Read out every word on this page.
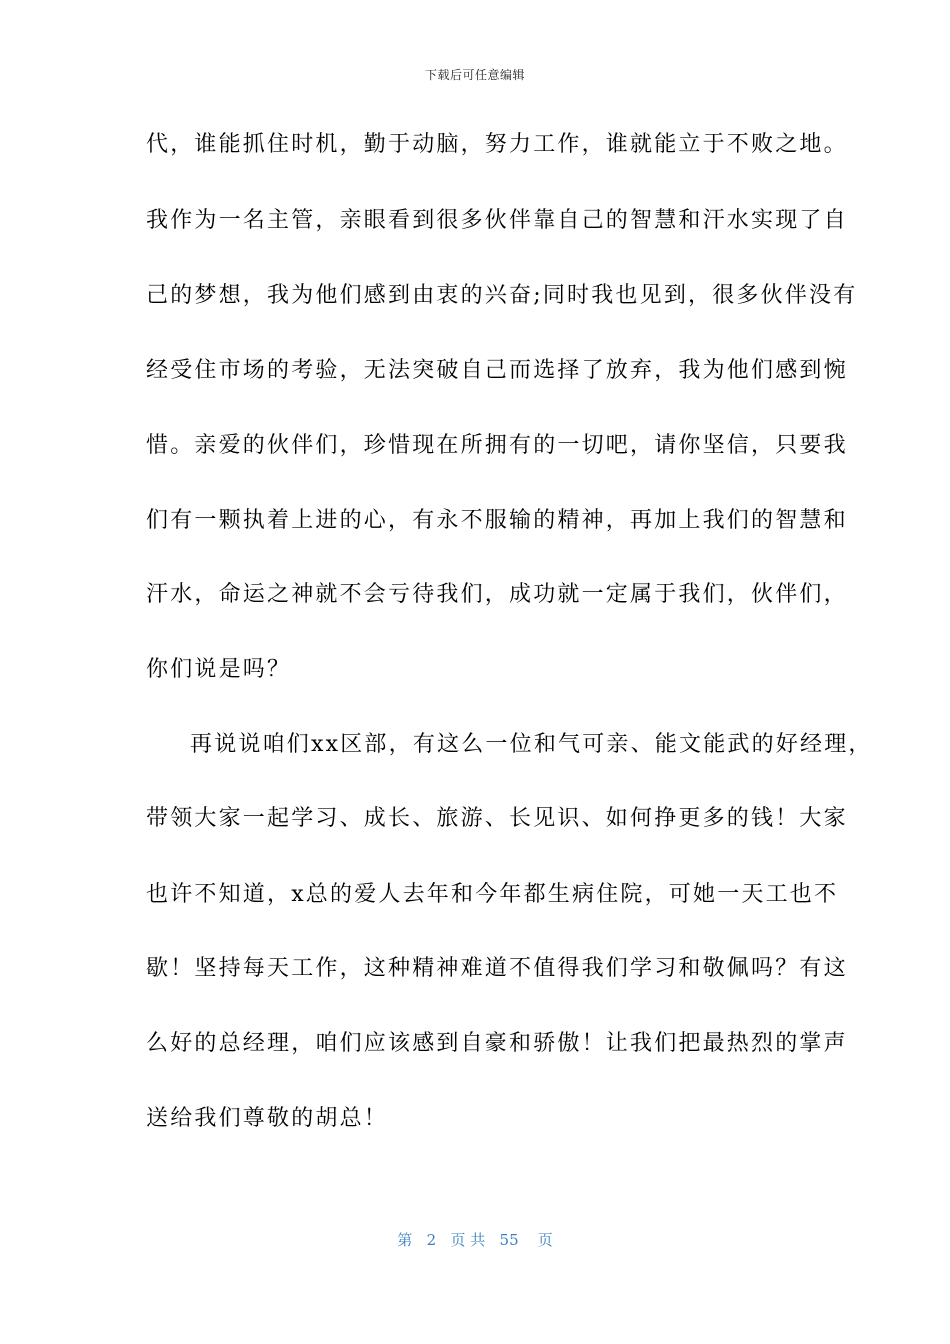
下载后可任意编辑
代，谁能抓住时机，勤于动脑，努力工作，谁就能立于不败之地。
我作为一名主管，亲眼看到很多伙伴靠自己的智慧和汗水实现了自
己的梦想，我为他们感到由衷的兴奋;同时我也见到，很多伙伴没有
经受住市场的考验，无法突破自己而选择了放弃，我为他们感到惋
惜。亲爱的伙伴们，珍惜现在所拥有的一切吧，请你坚信，只要我
们有一颗执着上进的心，有永不服输的精神，再加上我们的智慧和
汗水，命运之神就不会亏待我们，成功就一定属于我们，伙伴们，
你们说是吗？
再说说咱们xx区部，有这么一位和气可亲、能文能武的好经理，
带领大家一起学习、成长、旅游、长见识、如何挣更多的钱！大家
也许不知道，x总的爱人去年和今年都生病住院，可她一天工也不
歇！坚持每天工作，这种精神难道不值得我们学习和敬佩吗？有这
么好的总经理，咱们应该感到自豪和骄傲！让我们把最热烈的掌声
送给我们尊敬的胡总！
第 2 页 共 55 页
